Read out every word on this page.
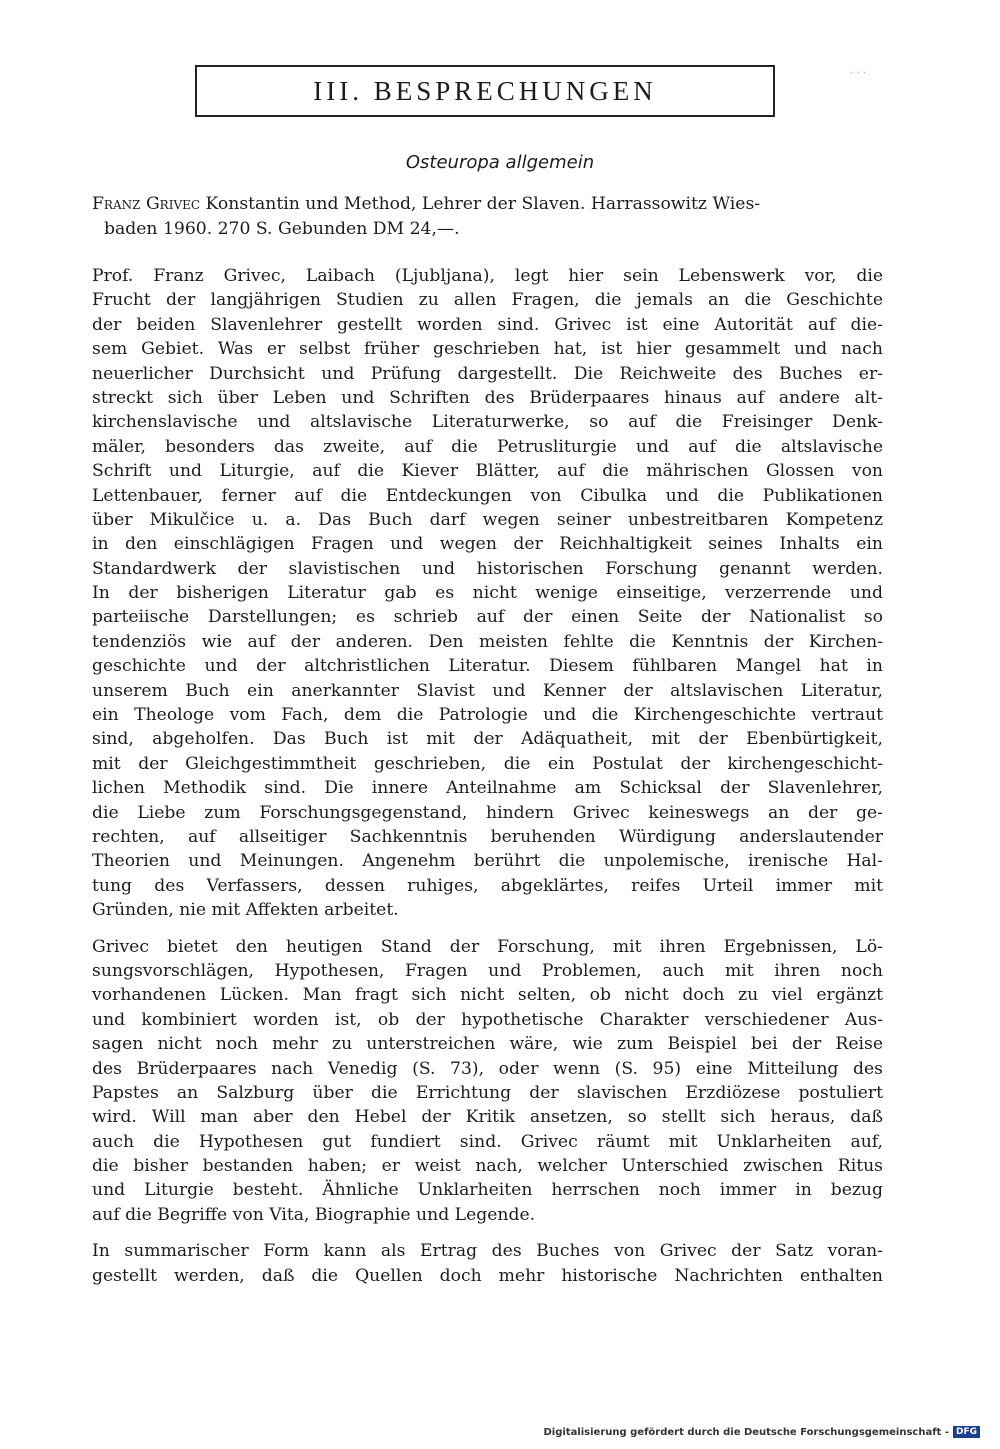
III. BESPRECHUNGEN
· · ·
Osteuropa allgemein
Franz Grivec Konstantin und Method, Lehrer der Slaven. Harrassowitz Wies-
baden 1960. 270 S. Gebunden DM 24,—.
Prof. Franz Grivec, Laibach (Ljubljana), legt hier sein Lebenswerk vor, die
Frucht der langjährigen Studien zu allen Fragen, die jemals an die Geschichte
der beiden Slavenlehrer gestellt worden sind. Grivec ist eine Autorität auf die-
sem Gebiet. Was er selbst früher geschrieben hat, ist hier gesammelt und nach
neuerlicher Durchsicht und Prüfung dargestellt. Die Reichweite des Buches er-
streckt sich über Leben und Schriften des Brüderpaares hinaus auf andere alt-
kirchenslavische und altslavische Literaturwerke, so auf die Freisinger Denk-
mäler, besonders das zweite, auf die Petrusliturgie und auf die altslavische
Schrift und Liturgie, auf die Kiever Blätter, auf die mährischen Glossen von
Lettenbauer, ferner auf die Entdeckungen von Cibulka und die Publikationen
über Mikulčice u. a. Das Buch darf wegen seiner unbestreitbaren Kompetenz
in den einschlägigen Fragen und wegen der Reichhaltigkeit seines Inhalts ein
Standardwerk der slavistischen und historischen Forschung genannt werden.
In der bisherigen Literatur gab es nicht wenige einseitige, verzerrende und
parteiische Darstellungen; es schrieb auf der einen Seite der Nationalist so
tendenziös wie auf der anderen. Den meisten fehlte die Kenntnis der Kirchen-
geschichte und der altchristlichen Literatur. Diesem fühlbaren Mangel hat in
unserem Buch ein anerkannter Slavist und Kenner der altslavischen Literatur,
ein Theologe vom Fach, dem die Patrologie und die Kirchengeschichte vertraut
sind, abgeholfen. Das Buch ist mit der Adäquatheit, mit der Ebenbürtigkeit,
mit der Gleichgestimmtheit geschrieben, die ein Postulat der kirchengeschicht-
lichen Methodik sind. Die innere Anteilnahme am Schicksal der Slavenlehrer,
die Liebe zum Forschungsgegenstand, hindern Grivec keineswegs an der ge-
rechten, auf allseitiger Sachkenntnis beruhenden Würdigung anderslautender
Theorien und Meinungen. Angenehm berührt die unpolemische, irenische Hal-
tung des Verfassers, dessen ruhiges, abgeklärtes, reifes Urteil immer mit
Gründen, nie mit Affekten arbeitet.
Grivec bietet den heutigen Stand der Forschung, mit ihren Ergebnissen, Lö-
sungsvorschlägen, Hypothesen, Fragen und Problemen, auch mit ihren noch
vorhandenen Lücken. Man fragt sich nicht selten, ob nicht doch zu viel ergänzt
und kombiniert worden ist, ob der hypothetische Charakter verschiedener Aus-
sagen nicht noch mehr zu unterstreichen wäre, wie zum Beispiel bei der Reise
des Brüderpaares nach Venedig (S. 73), oder wenn (S. 95) eine Mitteilung des
Papstes an Salzburg über die Errichtung der slavischen Erzdiözese postuliert
wird. Will man aber den Hebel der Kritik ansetzen, so stellt sich heraus, daß
auch die Hypothesen gut fundiert sind. Grivec räumt mit Unklarheiten auf,
die bisher bestanden haben; er weist nach, welcher Unterschied zwischen Ritus
und Liturgie besteht. Ähnliche Unklarheiten herrschen noch immer in bezug
auf die Begriffe von Vita, Biographie und Legende.
In summarischer Form kann als Ertrag des Buches von Grivec der Satz voran-
gestellt werden, daß die Quellen doch mehr historische Nachrichten enthalten
Digitalisierung gefördert durch die Deutsche Forschungsgemeinschaft - DFG
